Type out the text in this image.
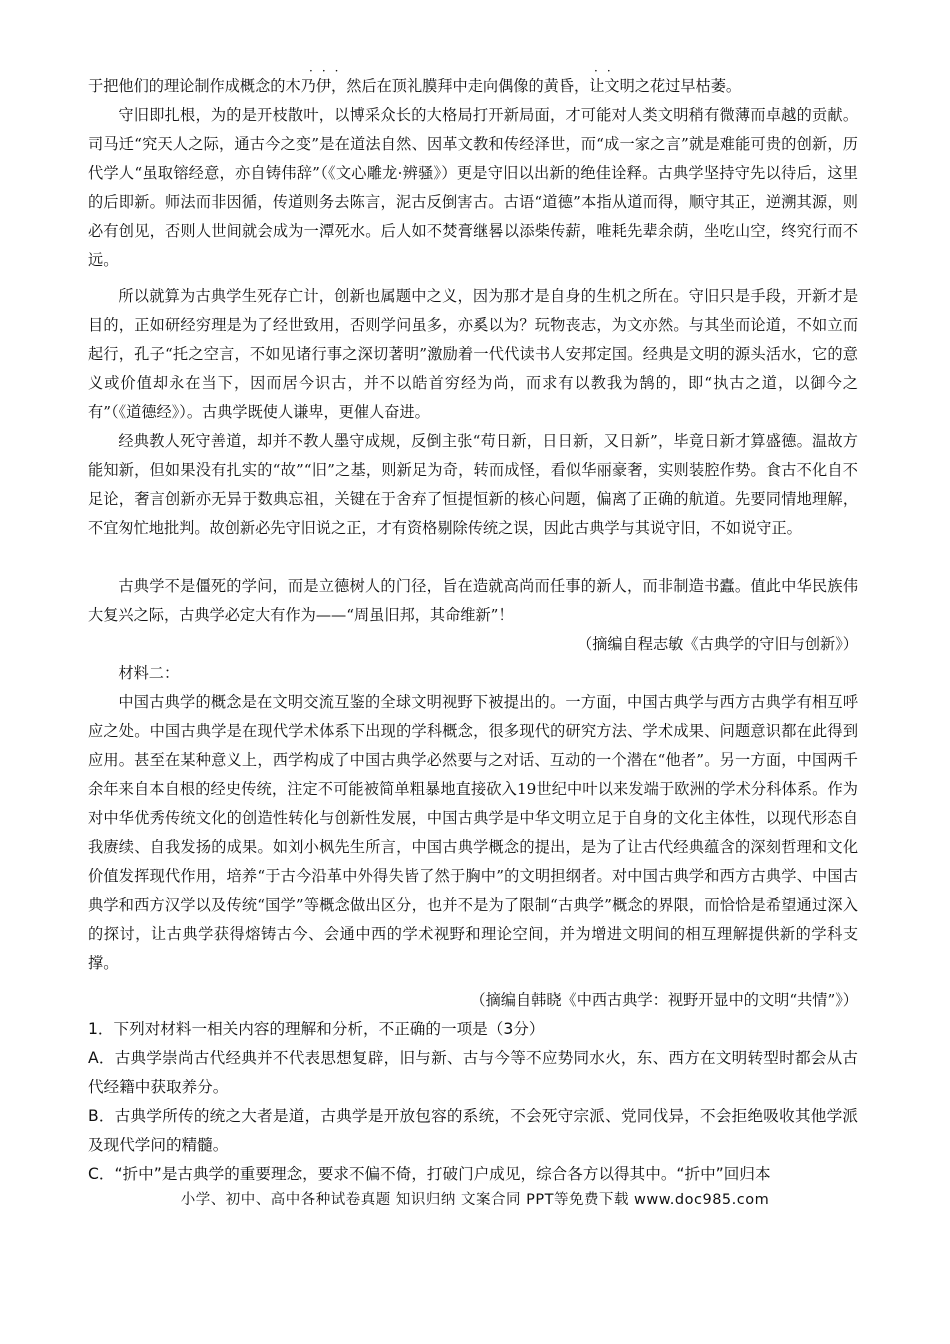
···	··
于把他们的理论制作成概念的木乃伊，然后在顶礼膜拜中走向偶像的黄昏，让文明之花过早枯萎。
守旧即扎根，为的是开枝散叶，以博采众长的大格局打开新局面，才可能对人类文明稍有微薄而卓越的贡献。司马迁“究天人之际，通古今之变”是在道法自然、因革文教和传经泽世，而“成一家之言”就是难能可贵的创新，历代学人“虽取镕经意，亦自铸伟辞”（《文心雕龙·辨骚》）更是守旧以出新的绝佳诠释。古典学坚持守先以待后，这里的后即新。师法而非因循，传道则务去陈言，泥古反倒害古。古语“道德”本指从道而得，顺守其正，逆溯其源，则必有创见，否则人世间就会成为一潭死水。后人如不焚膏继晷以添柴传薪，唯耗先辈余荫，坐吃山空，终究行而不远。
所以就算为古典学生死存亡计，创新也属题中之义，因为那才是自身的生机之所在。守旧只是手段，开新才是目的，正如研经穷理是为了经世致用，否则学问虽多，亦奚以为？玩物丧志，为文亦然。与其坐而论道，不如立而起行，孔子“托之空言，不如见诸行事之深切著明”激励着一代代读书人安邦定国。经典是文明的源头活水，它的意义或价值却永在当下，因而居今识古，并不以皓首穷经为尚，而求有以教我为鹄的，即“执古之道，以御今之有”（《道德经》）。古典学既使人谦卑，更催人奋进。
经典教人死守善道，却并不教人墨守成规，反倒主张“苟日新，日日新，又日新”，毕竟日新才算盛德。温故方能知新，但如果没有扎实的“故”“旧”之基，则新足为奇，转而成怪，看似华丽豪奢，实则装腔作势。食古不化自不足论，奢言创新亦无异于数典忘祖，关键在于舍弃了恒提恒新的核心问题，偏离了正确的航道。先要同情地理解，不宜匆忙地批判。故创新必先守旧说之正，才有资格剔除传统之误，因此古典学与其说守旧，不如说守正。
古典学不是僵死的学问，而是立德树人的门径，旨在造就高尚而任事的新人，而非制造书蠹。值此中华民族伟大复兴之际，古典学必定大有作为——“周虽旧邦，其命维新”！
（摘编自程志敏《古典学的守旧与创新》）
材料二：
中国古典学的概念是在文明交流互鉴的全球文明视野下被提出的。一方面，中国古典学与西方古典学有相互呼应之处。中国古典学是在现代学术体系下出现的学科概念，很多现代的研究方法、学术成果、问题意识都在此得到应用。甚至在某种意义上，西学构成了中国古典学必然要与之对话、互动的一个潜在“他者”。另一方面，中国两千余年来自本自根的经史传统，注定不可能被简单粗暴地直接砍入19世纪中叶以来发端于欧洲的学术分科体系。作为对中华优秀传统文化的创造性转化与创新性发展，中国古典学是中华文明立足于自身的文化主体性，以现代形态自我赓续、自我发扬的成果。如刘小枫先生所言，中国古典学概念的提出，是为了让古代经典蕴含的深刻哲理和文化价值发挥现代作用，培养“于古今沿革中外得失皆了然于胸中”的文明担纲者。对中国古典学和西方古典学、中国古典学和西方汉学以及传统“国学”等概念做出区分，也并不是为了限制“古典学”概念的界限，而恰恰是希望通过深入的探讨，让古典学获得熔铸古今、会通中西的学术视野和理论空间，并为增进文明间的相互理解提供新的学科支撑。
（摘编自韩晓《中西古典学：视野开显中的文明“共情”》）
1．下列对材料一相关内容的理解和分析，不正确的一项是（3分）
A．古典学崇尚古代经典并不代表思想复辟，旧与新、古与今等不应势同水火，东、西方在文明转型时都会从古代经籍中获取养分。
B．古典学所传的统之大者是道，古典学是开放包容的系统，不会死守宗派、党同伐异，不会拒绝吸收其他学派及现代学问的精髓。
C．“折中”是古典学的重要理念，要求不偏不倚，打破门户成见，综合各方以得其中。“折中”回归本
小学、初中、高中各种试卷真题 知识归纳 文案合同 PPT等免费下载 www.doc985.com
